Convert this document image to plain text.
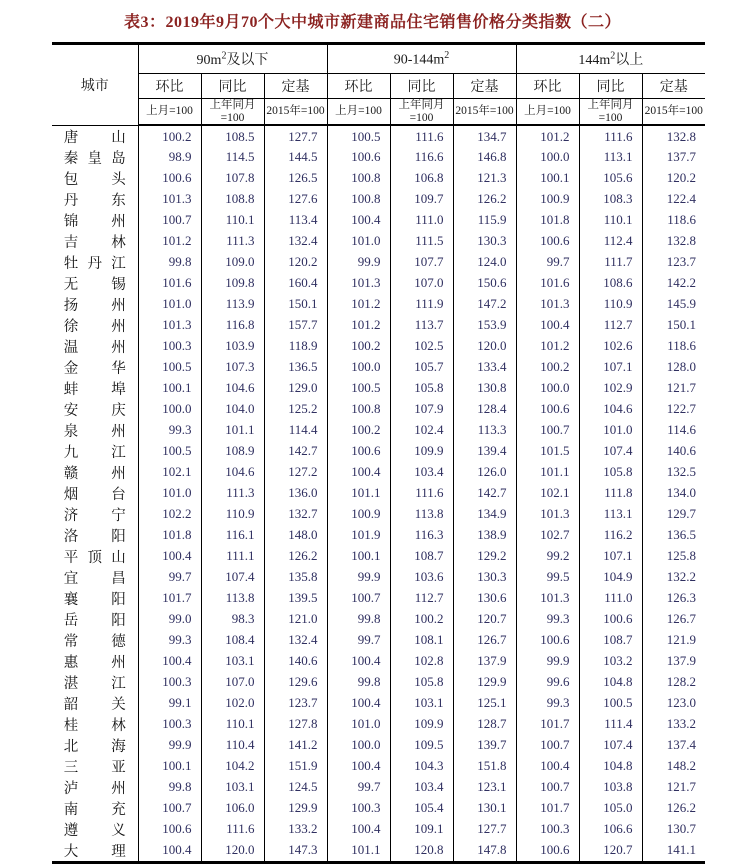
表3：2019年9月70个大中城市新建商品住宅销售价格分类指数（二）
城市	$90m^2$及以下			$90-144m^2$			$144m^2$以上		
	环比	同比	定基	环比	同比	定基	环比	同比	定基
	上月=100	上年同月=100	2015年=100	上月=100	上年同月=100	2015年=100	上月=100	上年同月=100	2015年=100

唐 山	100.2	108.5	127.7	100.5	111.6	134.7	101.2	111.6	132.8

秦 皇 岛	98.9	114.5	144.5	100.6	116.6	146.8	100.0	113.1	137.7

包 头	100.6	107.8	126.5	100.8	106.8	121.3	100.1	105.6	120.2

丹 东	101.3	108.8	127.6	100.8	109.7	126.2	100.9	108.3	122.4

锦 州	100.7	110.1	113.4	100.4	111.0	115.9	101.8	110.1	118.6

吉 林	101.2	111.3	132.4	101.0	111.5	130.3	100.6	112.4	132.8

牡 丹 江	99.8	109.0	120.2	99.9	107.7	124.0	99.7	111.7	123.7

无 锡	101.6	109.8	160.4	101.3	107.0	150.6	101.6	108.6	142.2

扬 州	101.0	113.9	150.1	101.2	111.9	147.2	101.3	110.9	145.9

徐 州	101.3	116.8	157.7	101.2	113.7	153.9	100.4	112.7	150.1

温 州	100.3	103.9	118.9	100.2	102.5	120.0	101.2	102.6	118.6

金 华	100.5	107.3	136.5	100.0	105.7	133.4	100.2	107.1	128.0

蚌 埠	100.1	104.6	129.0	100.5	105.8	130.8	100.0	102.9	121.7

安 庆	100.0	104.0	125.2	100.8	107.9	128.4	100.6	104.6	122.7

泉 州	99.3	101.1	114.4	100.2	102.4	113.3	100.7	101.0	114.6

九 江	100.5	108.9	142.7	100.6	109.9	139.4	101.5	107.4	140.6

赣 州	102.1	104.6	127.2	100.4	103.4	126.0	101.1	105.8	132.5

烟 台	101.0	111.3	136.0	101.1	111.6	142.7	102.1	111.8	134.0

济 宁	102.2	110.9	132.7	100.9	113.8	134.9	101.3	113.1	129.7

洛 阳	101.8	116.1	148.0	101.9	116.3	138.9	102.7	116.2	136.5

平 顶 山	100.4	111.1	126.2	100.1	108.7	129.2	99.2	107.1	125.8

宜 昌	99.7	107.4	135.8	99.9	103.6	130.3	99.5	104.9	132.2

襄 阳	101.7	113.8	139.5	100.7	112.7	130.6	101.3	111.0	126.3

岳 阳	99.0	98.3	121.0	99.8	100.2	120.7	99.3	100.6	126.7

常 德	99.3	108.4	132.4	99.7	108.1	126.7	100.6	108.7	121.9

惠 州	100.4	103.1	140.6	100.4	102.8	137.9	99.9	103.2	137.9

湛 江	100.3	107.0	129.6	99.8	105.8	129.9	99.6	104.8	128.2

韶 关	99.1	102.0	123.7	100.4	103.1	125.1	99.3	100.5	123.0

桂 林	100.3	110.1	127.8	101.0	109.9	128.7	101.7	111.4	133.2

北 海	99.9	110.4	141.2	100.0	109.5	139.7	100.7	107.4	137.4

三 亚	100.1	104.2	151.9	100.4	104.3	151.8	100.4	104.8	148.2

泸 州	99.8	103.1	124.5	99.7	103.4	123.1	100.7	103.8	121.7

南 充	100.7	106.0	129.9	100.3	105.4	130.1	101.7	105.0	126.2

遵 义	100.6	111.6	133.2	100.4	109.1	127.7	100.3	106.6	130.7

大 理	100.4	120.0	147.3	101.1	120.8	147.8	100.6	120.7	141.1
